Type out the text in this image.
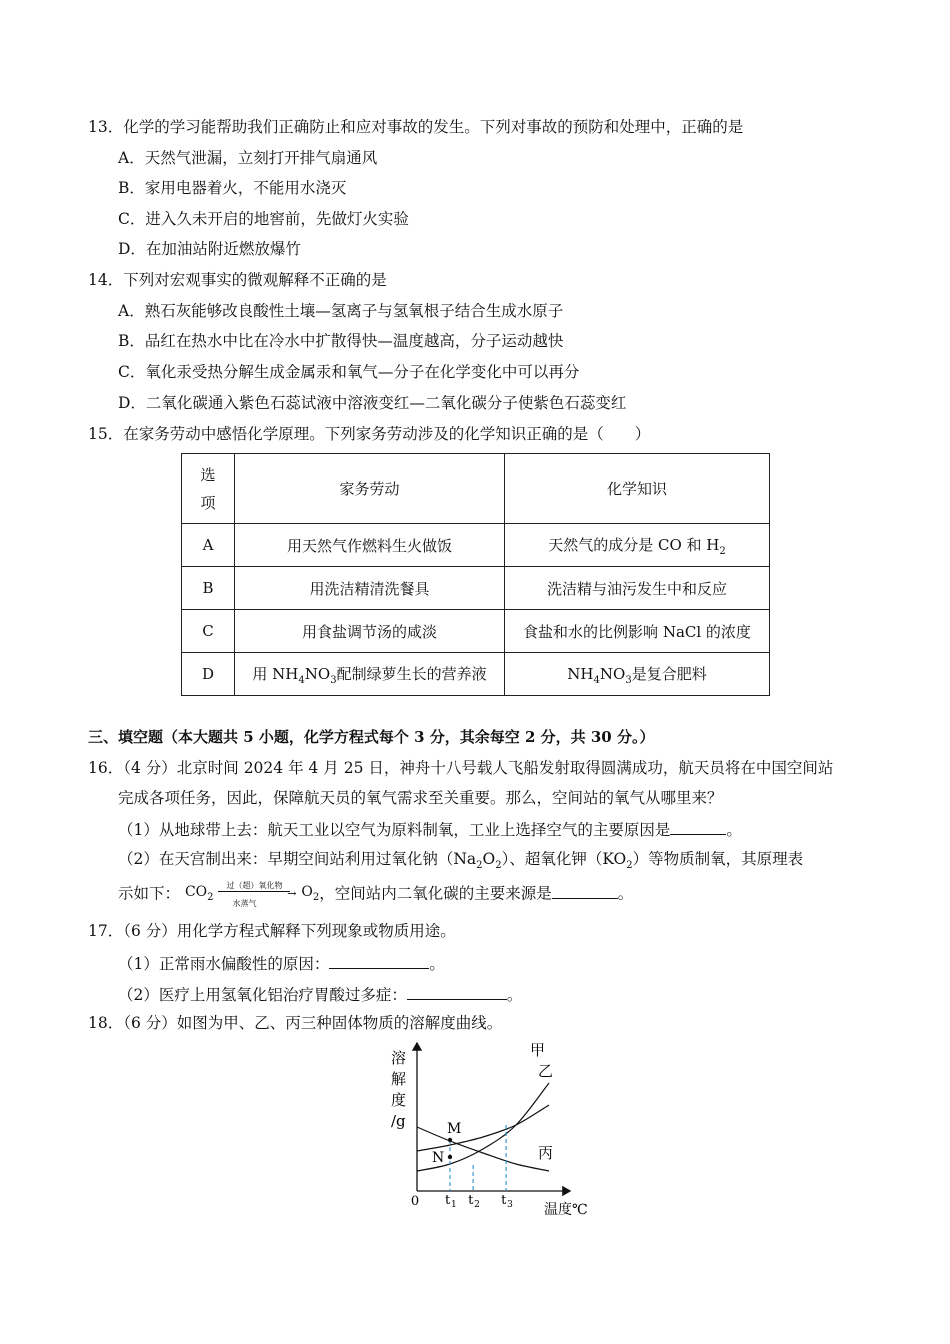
13．化学的学习能帮助我们正确防止和应对事故的发生。下列对事故的预防和处理中，正确的是
A．天然气泄漏，立刻打开排气扇通风
B．家用电器着火，不能用水浇灭
C．进入久未开启的地窖前，先做灯火实验
D．在加油站附近燃放爆竹
14．下列对宏观事实的微观解释不正确的是
A．熟石灰能够改良酸性土壤—氢离子与氢氧根子结合生成水原子
B．品红在热水中比在冷水中扩散得快—温度越高，分子运动越快
C．氧化汞受热分解生成金属汞和氧气—分子在化学变化中可以再分
D．二氧化碳通入紫色石蕊试液中溶液变红—二氧化碳分子使紫色石蕊变红
15．在家务劳动中感悟化学原理。下列家务劳动涉及的化学知识正确的是（　　）
选
项	家务劳动	化学知识
A	用天然气作燃料生火做饭	天然气的成分是 CO 和 $H_2$
B	用洗洁精清洗餐具	洗洁精与油污发生中和反应
C	用食盐调节汤的咸淡	食盐和水的比例影响 NaCl 的浓度
D	用 $NH_4NO_3$配制绿萝生长的营养液	$NH_4NO_3$是复合肥料
三、填空题（本大题共 5 小题，化学方程式每个 3 分，其余每空 2 分，共 30 分。）
16．（4 分）北京时间 2024 年 4 月 25 日，神舟十八号载人飞船发射取得圆满成功，航天员将在中国空间站
完成各项任务，因此，保障航天员的氧气需求至关重要。那么，空间站的氧气从哪里来？
（1）从地球带上去：航天工业以空气为原料制氧，工业上选择空气的主要原因是	。
（2）在天宫制出来：早期空间站利用过氧化钠$(Na_2O_2)$、超氧化钾$(KO_2)$等物质制氧，其原理表
示如下： $CO_2$	→
过（超）氧化物
水蒸气
$O_2$，空间站内二氧化碳的主要来源是	。
17．（6 分）用化学方程式解释下列现象或物质用途。
（1）正常雨水偏酸性的原因：	。
（2）医疗上用氢氧化铝治疗胃酸过多症：	。
18．（6 分）如图为甲、乙、丙三种固体物质的溶解度曲线。
溶
解
度
/g
0
温度℃
甲
乙
丙
t 1 t 2 t 3
M
N
